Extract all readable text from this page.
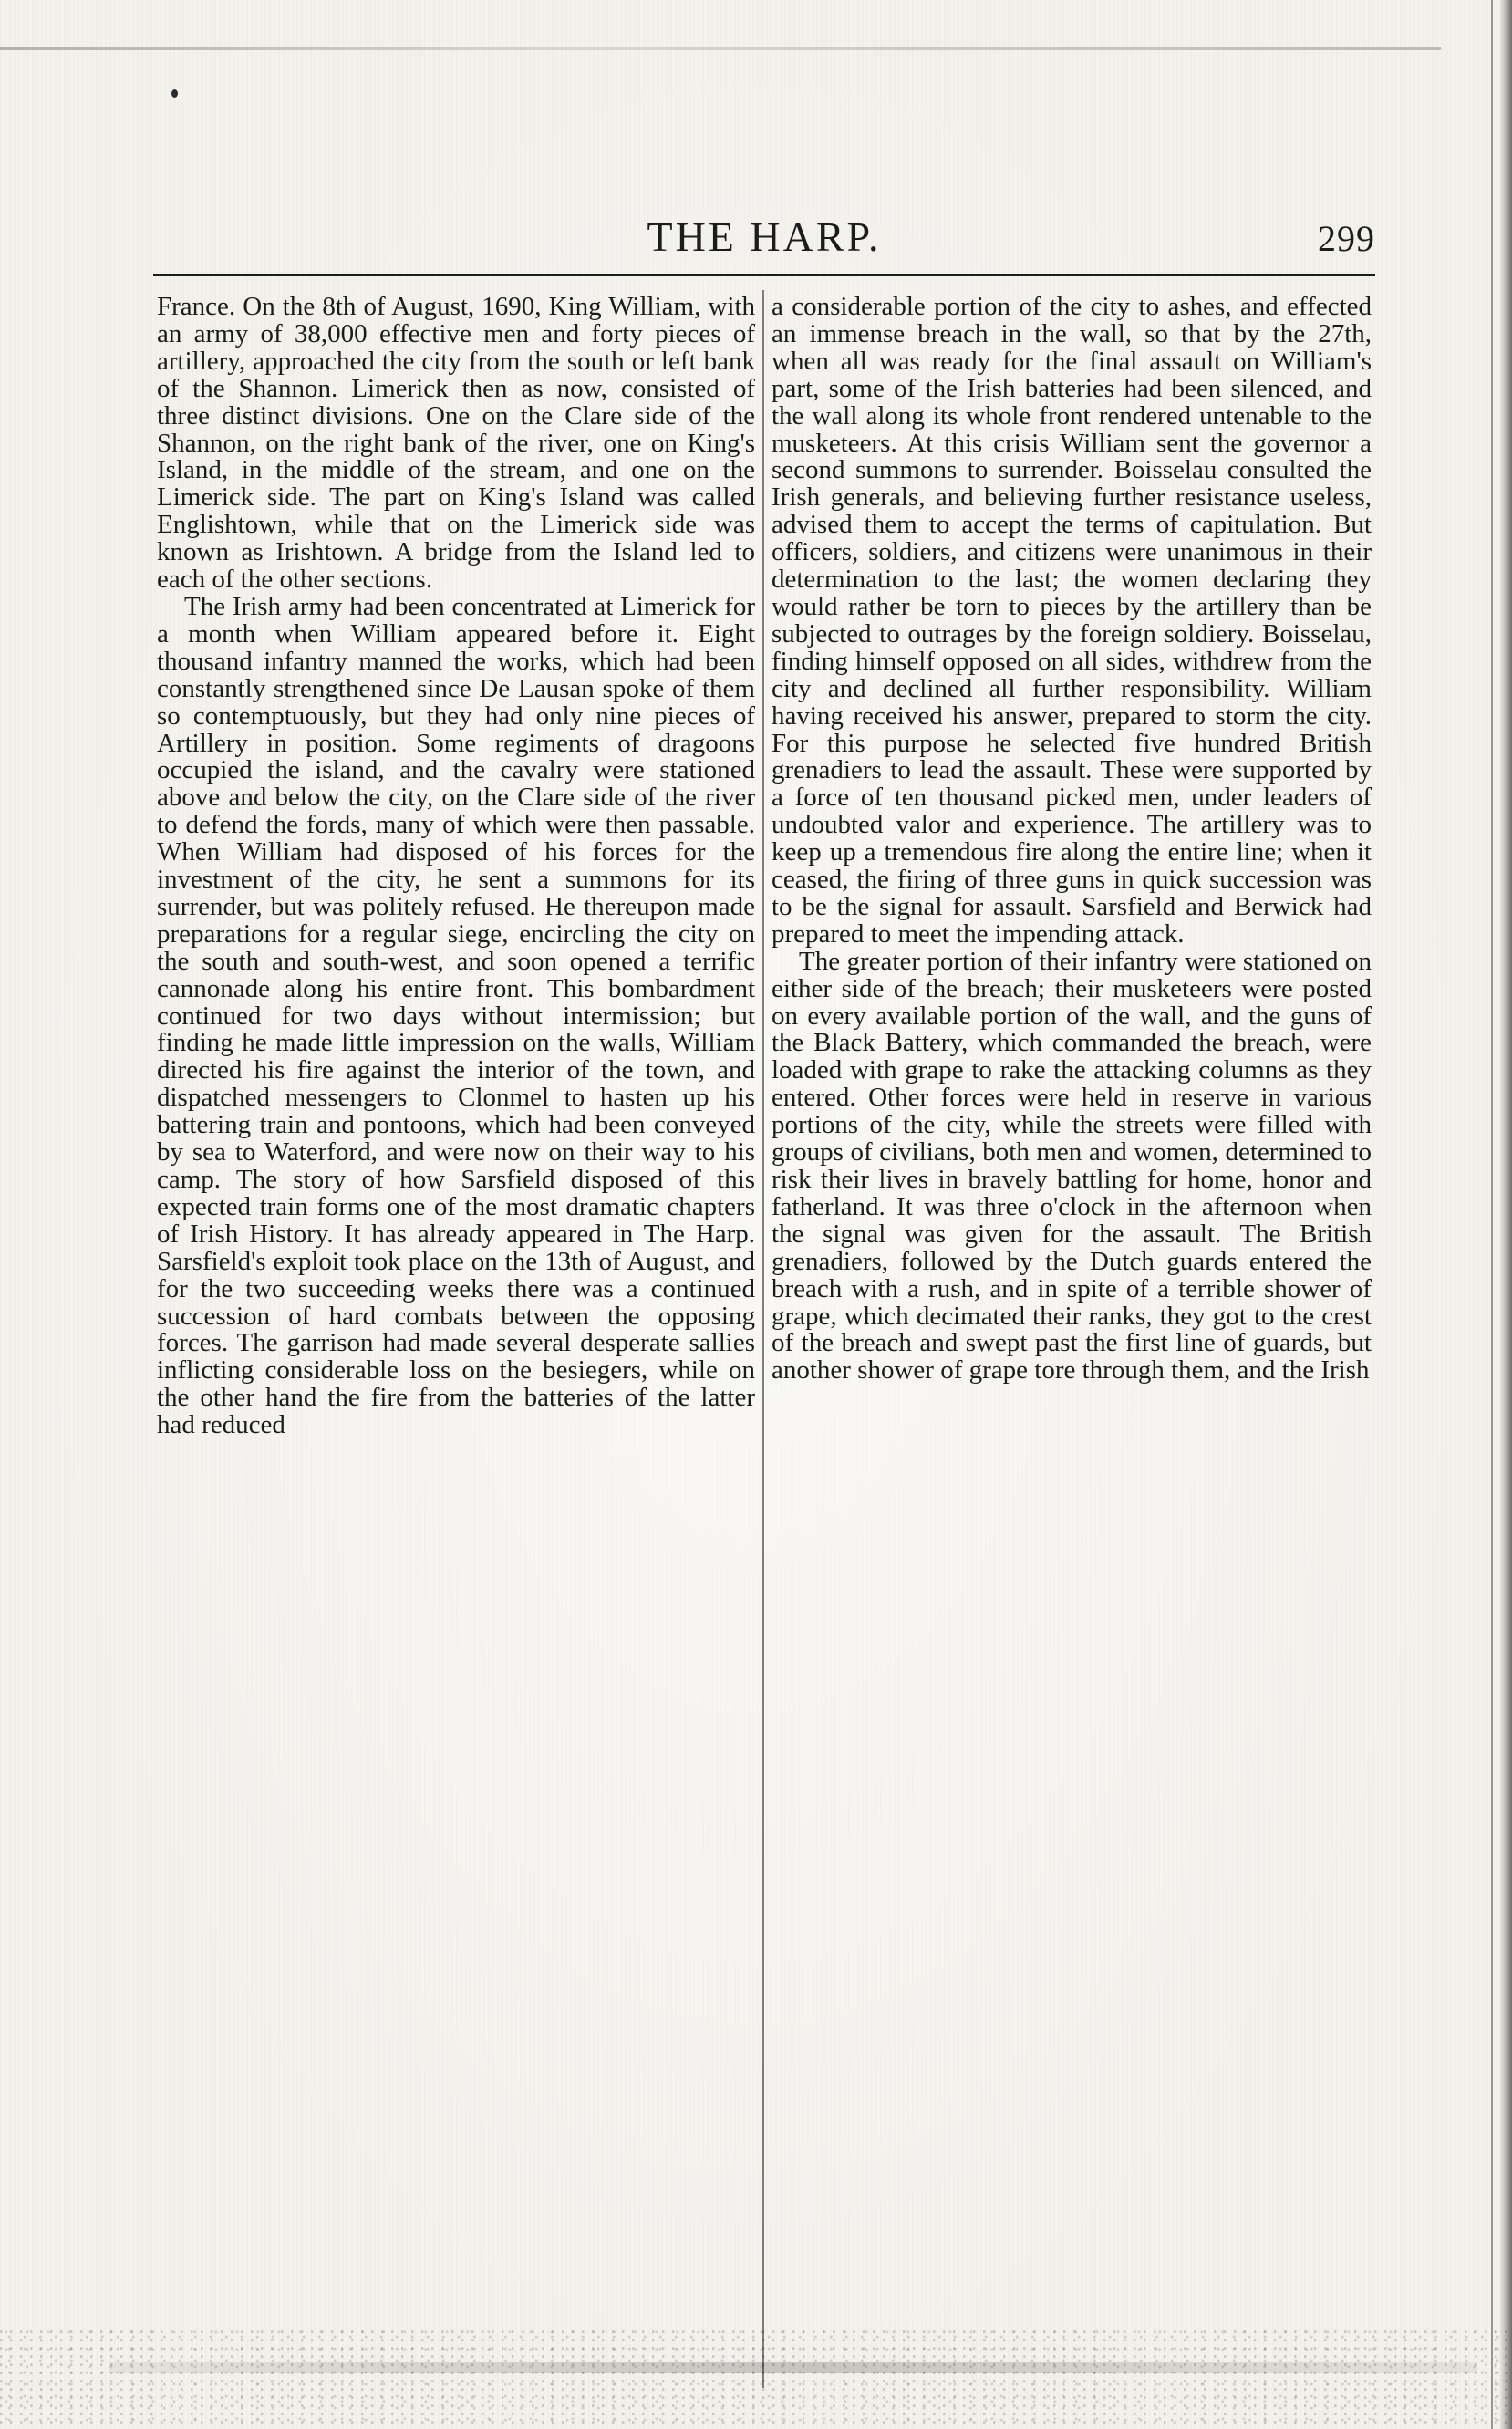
THE HARP.	299

France. On the 8th of August, 1690, King William, with an army of 38,000 effective men and forty pieces of artillery, approached the city from the south or left bank of the Shannon. Limerick then as now, consisted of three distinct divisions. One on the Clare side of the Shannon, on the right bank of the river, one on King's Island, in the middle of the stream, and one on the Limerick side. The part on King's Island was called Englishtown, while that on the Limerick side was known as Irishtown. A bridge from the Island led to each of the other sections.

The Irish army had been concentrated at Limerick for a month when William appeared before it. Eight thousand infantry manned the works, which had been constantly strengthened since De Lausan spoke of them so contemptuously, but they had only nine pieces of Artillery in position. Some regiments of dragoons occupied the island, and the cavalry were stationed above and below the city, on the Clare side of the river to defend the fords, many of which were then passable. When William had disposed of his forces for the investment of the city, he sent a summons for its surrender, but was politely refused. He thereupon made preparations for a regular siege, encircling the city on the south and south-west, and soon opened a terrific cannonade along his entire front. This bombardment continued for two days without intermission; but finding he made little impression on the walls, William directed his fire against the interior of the town, and dispatched messengers to Clonmel to hasten up his battering train and pontoons, which had been conveyed by sea to Waterford, and were now on their way to his camp. The story of how Sarsfield disposed of this expected train forms one of the most dramatic chapters of Irish History. It has already appeared in The Harp. Sarsfield's exploit took place on the 13th of August, and for the two succeeding weeks there was a continued succession of hard combats between the opposing forces. The garrison had made several desperate sallies inflicting considerable loss on the besiegers, while on the other hand the fire from the batteries of the latter had reduced

a considerable portion of the city to ashes, and effected an immense breach in the wall, so that by the 27th, when all was ready for the final assault on William's part, some of the Irish batteries had been silenced, and the wall along its whole front rendered untenable to the musketeers. At this crisis William sent the governor a second summons to surrender. Boisselau consulted the Irish generals, and believing further resistance useless, advised them to accept the terms of capitulation. But officers, soldiers, and citizens were unanimous in their determination to the last; the women declaring they would rather be torn to pieces by the artillery than be subjected to outrages by the foreign soldiery. Boisselau, finding himself opposed on all sides, withdrew from the city and declined all further responsibility. William having received his answer, prepared to storm the city. For this purpose he selected five hundred British grenadiers to lead the assault. These were supported by a force of ten thousand picked men, under leaders of undoubted valor and experience. The artillery was to keep up a tremendous fire along the entire line; when it ceased, the firing of three guns in quick succession was to be the signal for assault. Sarsfield and Berwick had prepared to meet the impending attack.

The greater portion of their infantry were stationed on either side of the breach; their musketeers were posted on every available portion of the wall, and the guns of the Black Battery, which commanded the breach, were loaded with grape to rake the attacking columns as they entered. Other forces were held in reserve in various portions of the city, while the streets were filled with groups of civilians, both men and women, determined to risk their lives in bravely battling for home, honor and fatherland. It was three o'clock in the afternoon when the signal was given for the assault. The British grenadiers, followed by the Dutch guards entered the breach with a rush, and in spite of a terrible shower of grape, which decimated their ranks, they got to the crest of the breach and swept past the first line of guards, but another shower of grape tore through them, and the Irish
